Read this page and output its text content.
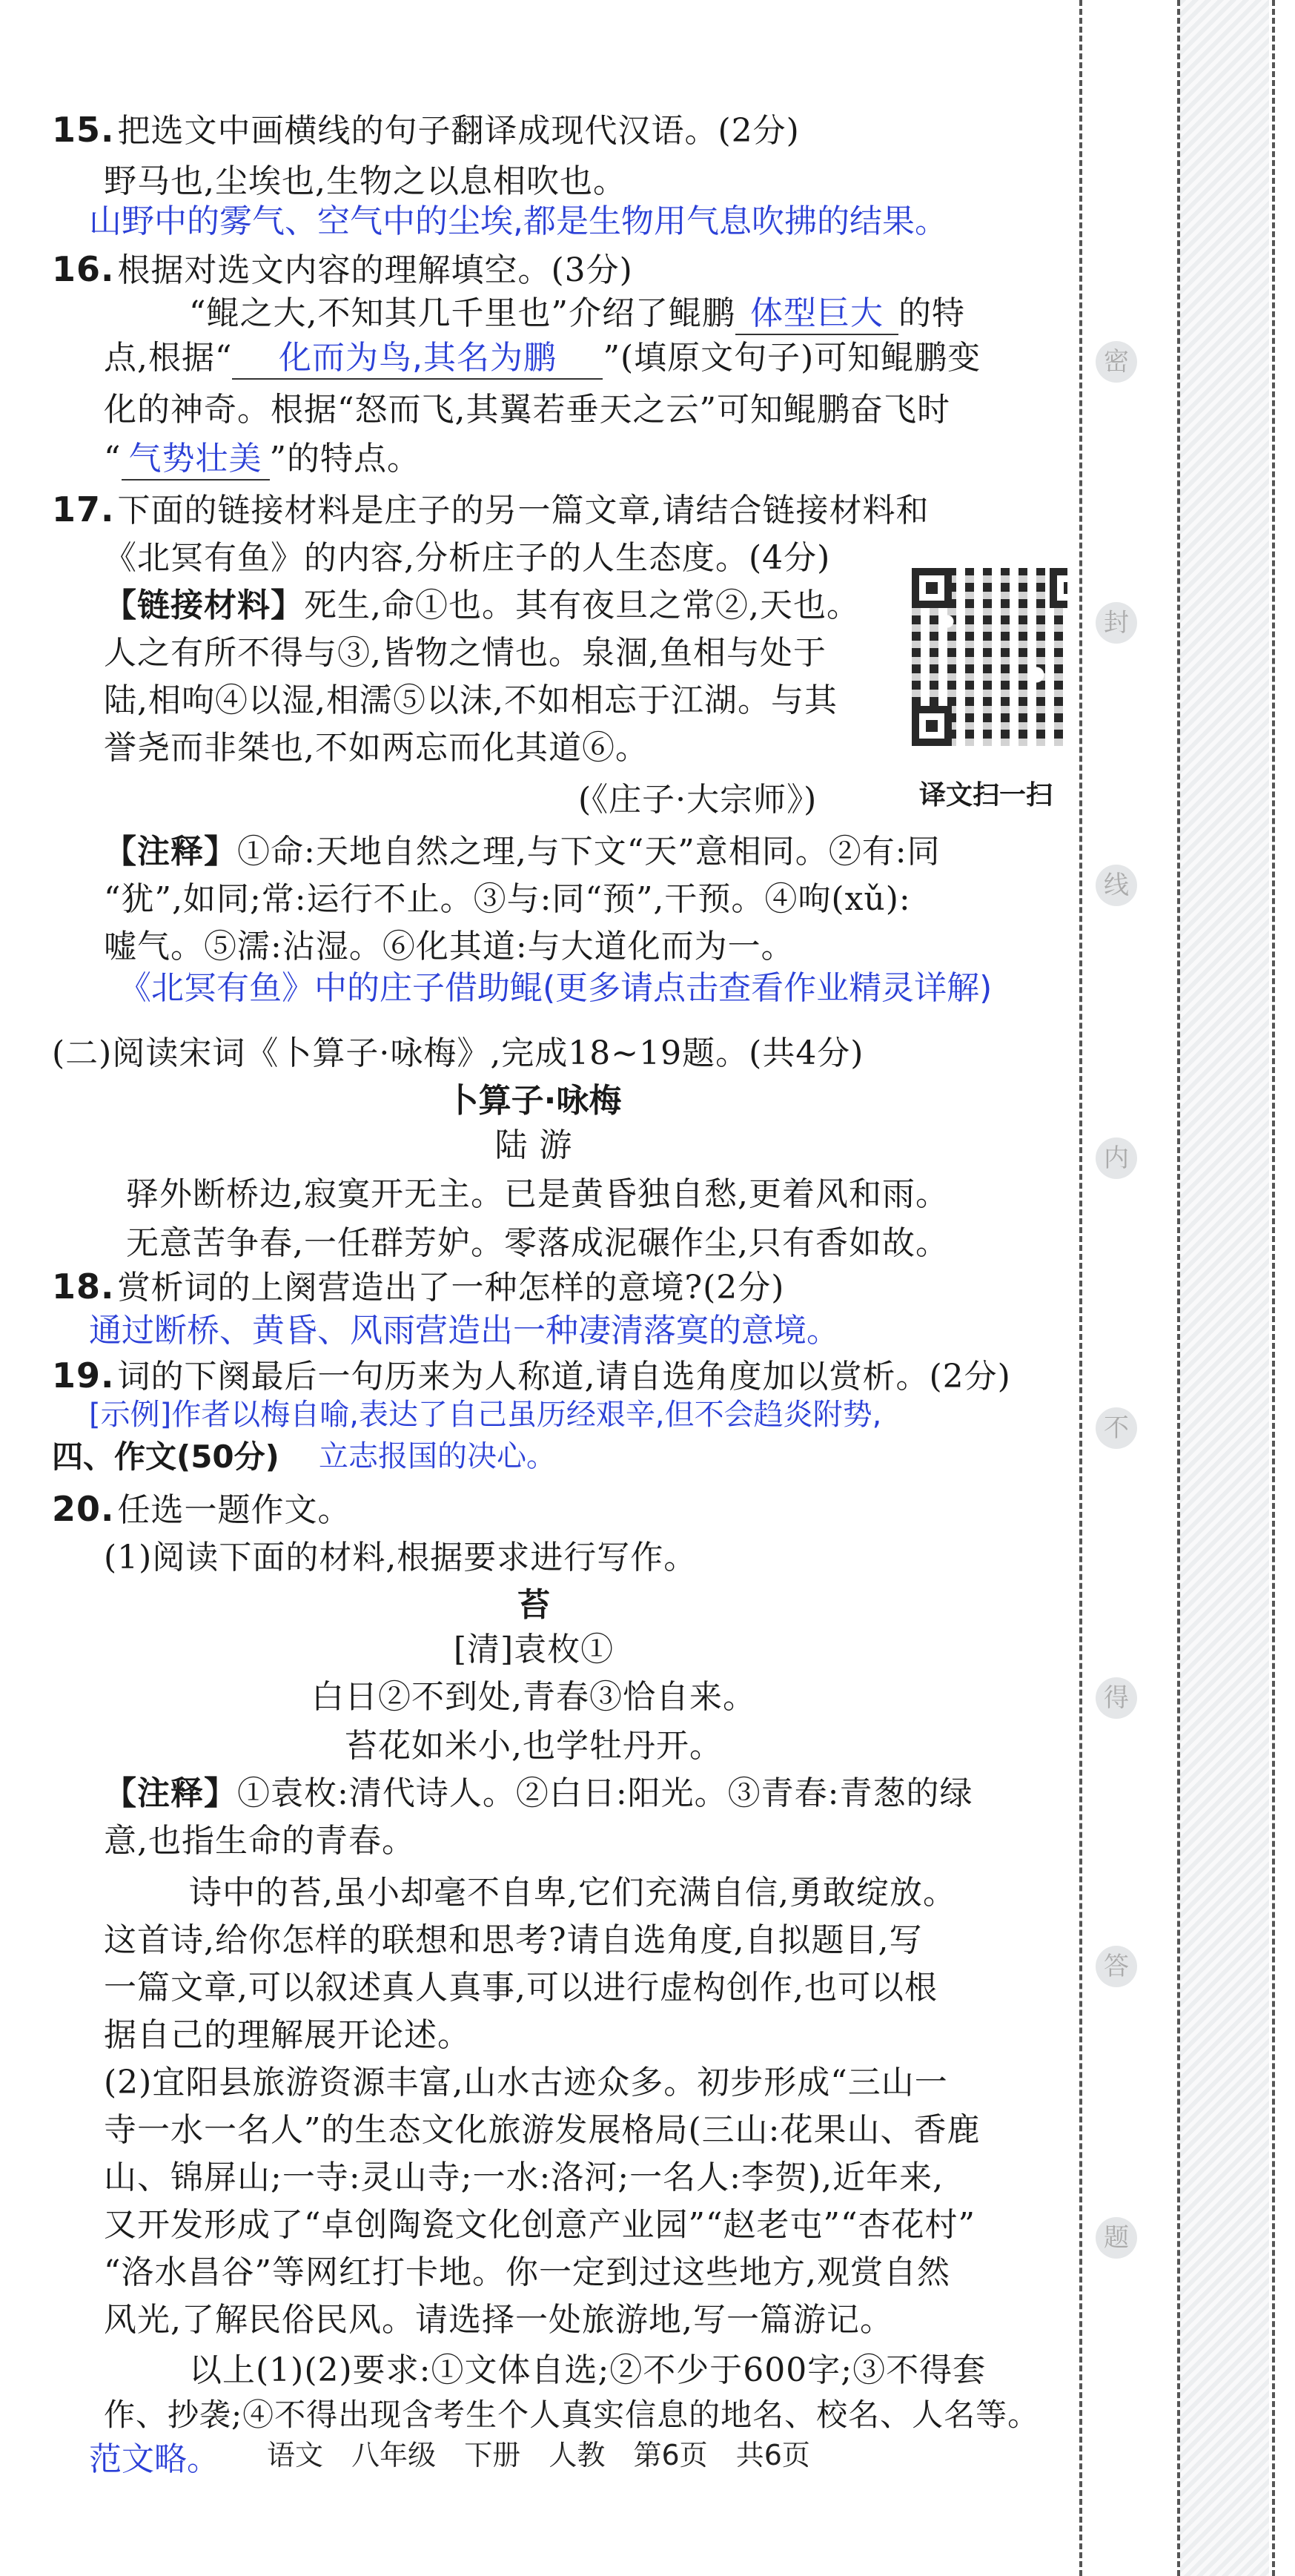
15.把选文中画横线的句子翻译成现代汉语。(2分)
野马也,尘埃也,生物之以息相吹也。
山野中的雾气、空气中的尘埃,都是生物用气息吹拂的结果。
16.根据对选文内容的理解填空。(3分)
“鲲之大,不知其几千里也”介绍了鲲鹏 体型巨大 的特
点,根据“ 化而为鸟,其名为鹏 ”(填原文句子)可知鲲鹏变
化的神奇。根据“怒而飞,其翼若垂天之云”可知鲲鹏奋飞时
“ 气势壮美 ”的特点。
17.下面的链接材料是庄子的另一篇文章,请结合链接材料和
《北冥有鱼》的内容,分析庄子的人生态度。(4分)
【链接材料】死生,命①也。其有夜旦之常②,天也。
人之有所不得与③,皆物之情也。泉涸,鱼相与处于
陆,相呴④以湿,相濡⑤以沫,不如相忘于江湖。与其
誉尧而非桀也,不如两忘而化其道⑥。
(《庄子·大宗师》)	译文扫一扫
【注释】①命:天地自然之理,与下文“天”意相同。②有:同
“犹”,如同;常:运行不止。③与:同“预”,干预。④呴(xǔ):
嘘气。⑤濡:沾湿。⑥化其道:与大道化而为一。
《北冥有鱼》中的庄子借助鲲(更多请点击查看作业精灵详解)
(二)阅读宋词《卜算子·咏梅》,完成18~19题。(共4分)
卜算子·咏梅
陆 游
驿外断桥边,寂寞开无主。已是黄昏独自愁,更着风和雨。
无意苦争春,一任群芳妒。零落成泥碾作尘,只有香如故。
18.赏析词的上阕营造出了一种怎样的意境?(2分)
通过断桥、黄昏、风雨营造出一种凄清落寞的意境。
19.词的下阕最后一句历来为人称道,请自选角度加以赏析。(2分)
[示例]作者以梅自喻,表达了自己虽历经艰辛,但不会趋炎附势,
四、作文(50分) 立志报国的决心。
20.任选一题作文。
(1)阅读下面的材料,根据要求进行写作。
苔
[清]袁枚①
白日②不到处,青春③恰自来。
苔花如米小,也学牡丹开。
【注释】①袁枚:清代诗人。②白日:阳光。③青春:青葱的绿
意,也指生命的青春。
诗中的苔,虽小却毫不自卑,它们充满自信,勇敢绽放。
这首诗,给你怎样的联想和思考?请自选角度,自拟题目,写
一篇文章,可以叙述真人真事,可以进行虚构创作,也可以根
据自己的理解展开论述。
(2)宜阳县旅游资源丰富,山水古迹众多。初步形成“三山一
寺一水一名人”的生态文化旅游发展格局(三山:花果山、香鹿
山、锦屏山;一寺:灵山寺;一水:洛河;一名人:李贺),近年来,
又开发形成了“卓创陶瓷文化创意产业园”“赵老屯”“杏花村”
“洛水昌谷”等网红打卡地。你一定到过这些地方,观赏自然
风光,了解民俗民风。请选择一处旅游地,写一篇游记。
以上(1)(2)要求:①文体自选;②不少于600字;③不得套
作、抄袭;④不得出现含考生个人真实信息的地名、校名、人名等。
范文略。 语文 八年级 下册 人教 第6页 共6页
密
封
线
内
不
得
答
题
